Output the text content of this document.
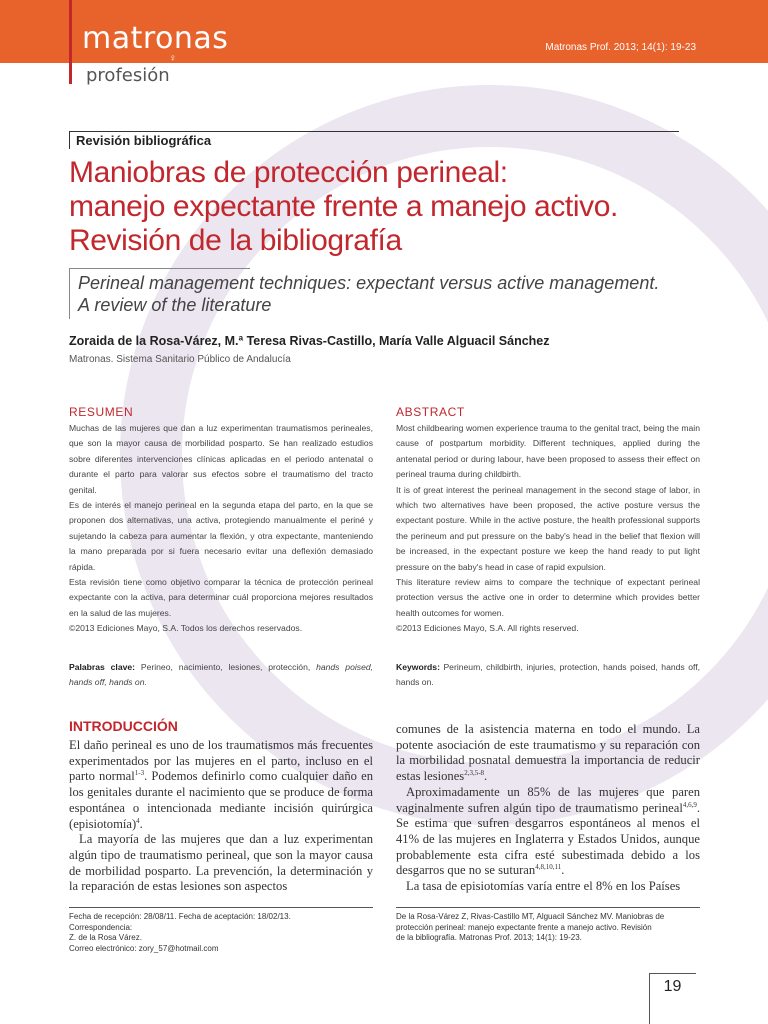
matronas
♀
profesión
Matronas Prof. 2013; 14(1): 19-23
Revisión bibliográfica
Maniobras de protección perineal:
manejo expectante frente a manejo activo.
Revisión de la bibliografía
Perineal management techniques: expectant versus active management.
A review of the literature
Zoraida de la Rosa-Várez, M.ª Teresa Rivas-Castillo, María Valle Alguacil Sánchez
Matronas. Sistema Sanitario Público de Andalucía
RESUMEN

Muchas de las mujeres que dan a luz experimentan traumatismos perineales, que son la mayor causa de morbilidad posparto. Se han realizado estudios sobre diferentes intervenciones clínicas aplicadas en el periodo antenatal o durante el parto para valorar sus efectos sobre el traumatismo del tracto genital.

Es de interés el manejo perineal en la segunda etapa del parto, en la que se proponen dos alternativas, una activa, protegiendo manualmente el periné y sujetando la cabeza para aumentar la flexión, y otra expectante, manteniendo la mano preparada por si fuera necesario evitar una deflexión demasiado rápida.

Esta revisión tiene como objetivo comparar la técnica de protección perineal expectante con la activa, para determinar cuál proporciona mejores resultados en la salud de las mujeres.

©2013 Ediciones Mayo, S.A. Todos los derechos reservados.

ABSTRACT

Most childbearing women experience trauma to the genital tract, being the main cause of postpartum morbidity. Different techniques, applied during the antenatal period or during labour, have been proposed to assess their effect on perineal trauma during childbirth.

It is of great interest the perineal management in the second stage of labor, in which two alternatives have been proposed, the active posture versus the expectant posture. While in the active posture, the health professional supports the perineum and put pressure on the baby's head in the belief that flexion will be increased, in the expectant posture we keep the hand ready to put light pressure on the baby's head in case of rapid expulsion.

This literature review aims to compare the technique of expectant perineal protection versus the active one in order to determine which provides better health outcomes for women.

©2013 Ediciones Mayo, S.A. All rights reserved.

Palabras clave: Perineo, nacimiento, lesiones, protección, hands poised, hands off, hands on.
Keywords: Perineum, childbirth, injuries, protection, hands poised, hands off, hands on.
INTRODUCCIÓN

El daño perineal es uno de los traumatismos más frecuentes experimentados por las mujeres en el parto, incluso en el parto normal$^{1-3}$. Podemos definirlo como cualquier daño en los genitales durante el nacimiento que se produce de forma espontánea o intencionada mediante incisión quirúrgica (episiotomía)$^4$.

La mayoría de las mujeres que dan a luz experimentan algún tipo de traumatismo perineal, que son la mayor causa de morbilidad posparto. La prevención, la determinación y la reparación de estas lesiones son aspectos

comunes de la asistencia materna en todo el mundo. La potente asociación de este traumatismo y su reparación con la morbilidad posnatal demuestra la importancia de reducir estas lesiones$^{2,3,5-8}$.

Aproximadamente un 85% de las mujeres que paren vaginalmente sufren algún tipo de traumatismo perineal$^{4,6,9}$. Se estima que sufren desgarros espontáneos al menos el 41% de las mujeres en Inglaterra y Estados Unidos, aunque probablemente esta cifra esté subestimada debido a los desgarros que no se suturan$^{4,8,10,11}$.

La tasa de episiotomías varía entre el 8% en los Países

Fecha de recepción: 28/08/11. Fecha de aceptación: 18/02/13.

Correspondencia:

Z. de la Rosa Várez.

Correo electrónico: zory_57@hotmail.com

De la Rosa-Várez Z, Rivas-Castillo MT, Alguacil Sánchez MV. Maniobras de

protección perineal: manejo expectante frente a manejo activo. Revisión

de la bibliografía. Matronas Prof. 2013; 14(1): 19-23.

19
